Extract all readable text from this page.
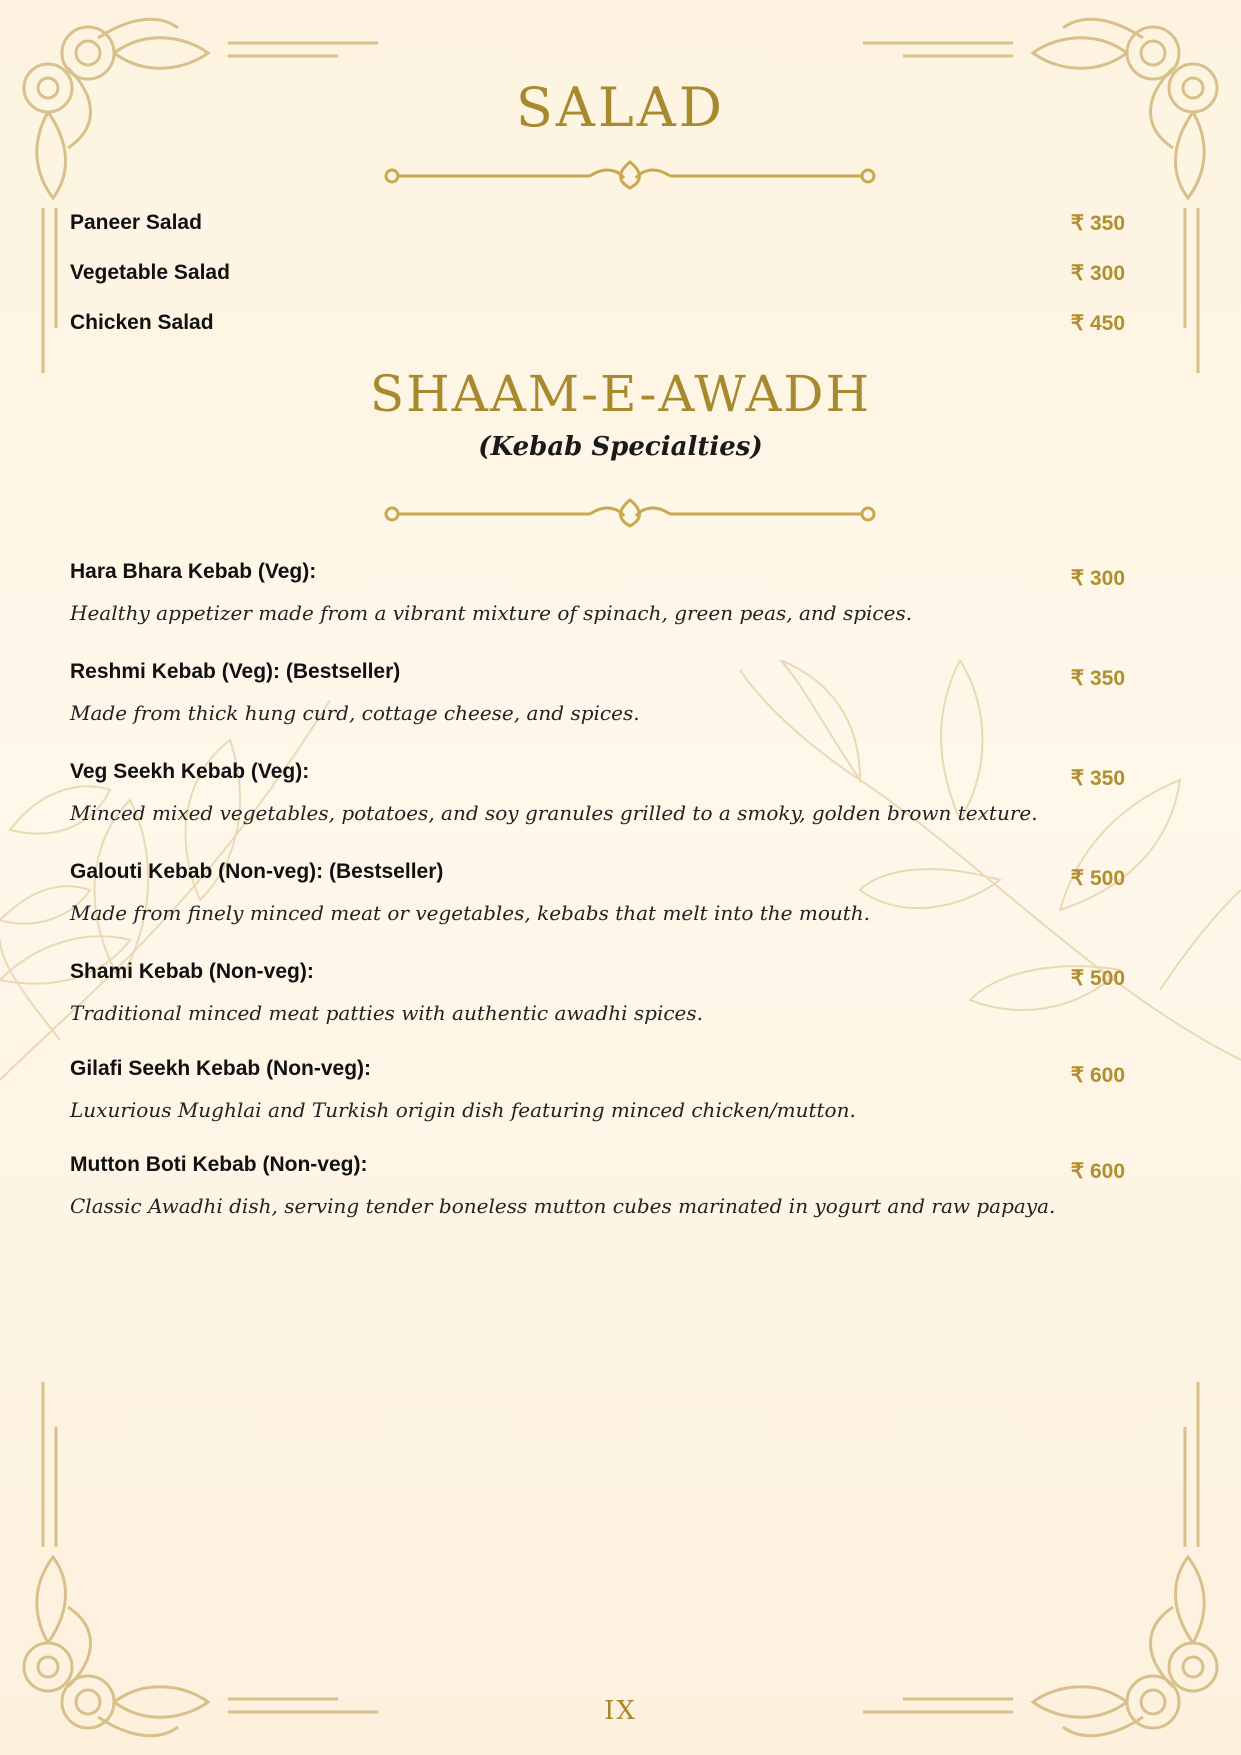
SALAD
Paneer Salad	₹ 350
Vegetable Salad	₹ 300
Chicken Salad	₹ 450
SHAAM-E-AWADH
(Kebab Specialties)
Hara Bhara Kebab (Veg):	₹ 300
Healthy appetizer made from a vibrant mixture of spinach, green peas, and spices.
Reshmi Kebab (Veg): (Bestseller)	₹ 350
Made from thick hung curd, cottage cheese, and spices.
Veg Seekh Kebab (Veg):	₹ 350
Minced mixed vegetables, potatoes, and soy granules grilled to a smoky, golden brown texture.
Galouti Kebab (Non-veg): (Bestseller)	₹ 500
Made from finely minced meat or vegetables, kebabs that melt into the mouth.
Shami Kebab (Non-veg):	₹ 500
Traditional minced meat patties with authentic awadhi spices.
Gilafi Seekh Kebab (Non-veg):	₹ 600
Luxurious Mughlai and Turkish origin dish featuring minced chicken/mutton.
Mutton Boti Kebab (Non-veg):	₹ 600
Classic Awadhi dish, serving tender boneless mutton cubes marinated in yogurt and raw papaya.
IX
